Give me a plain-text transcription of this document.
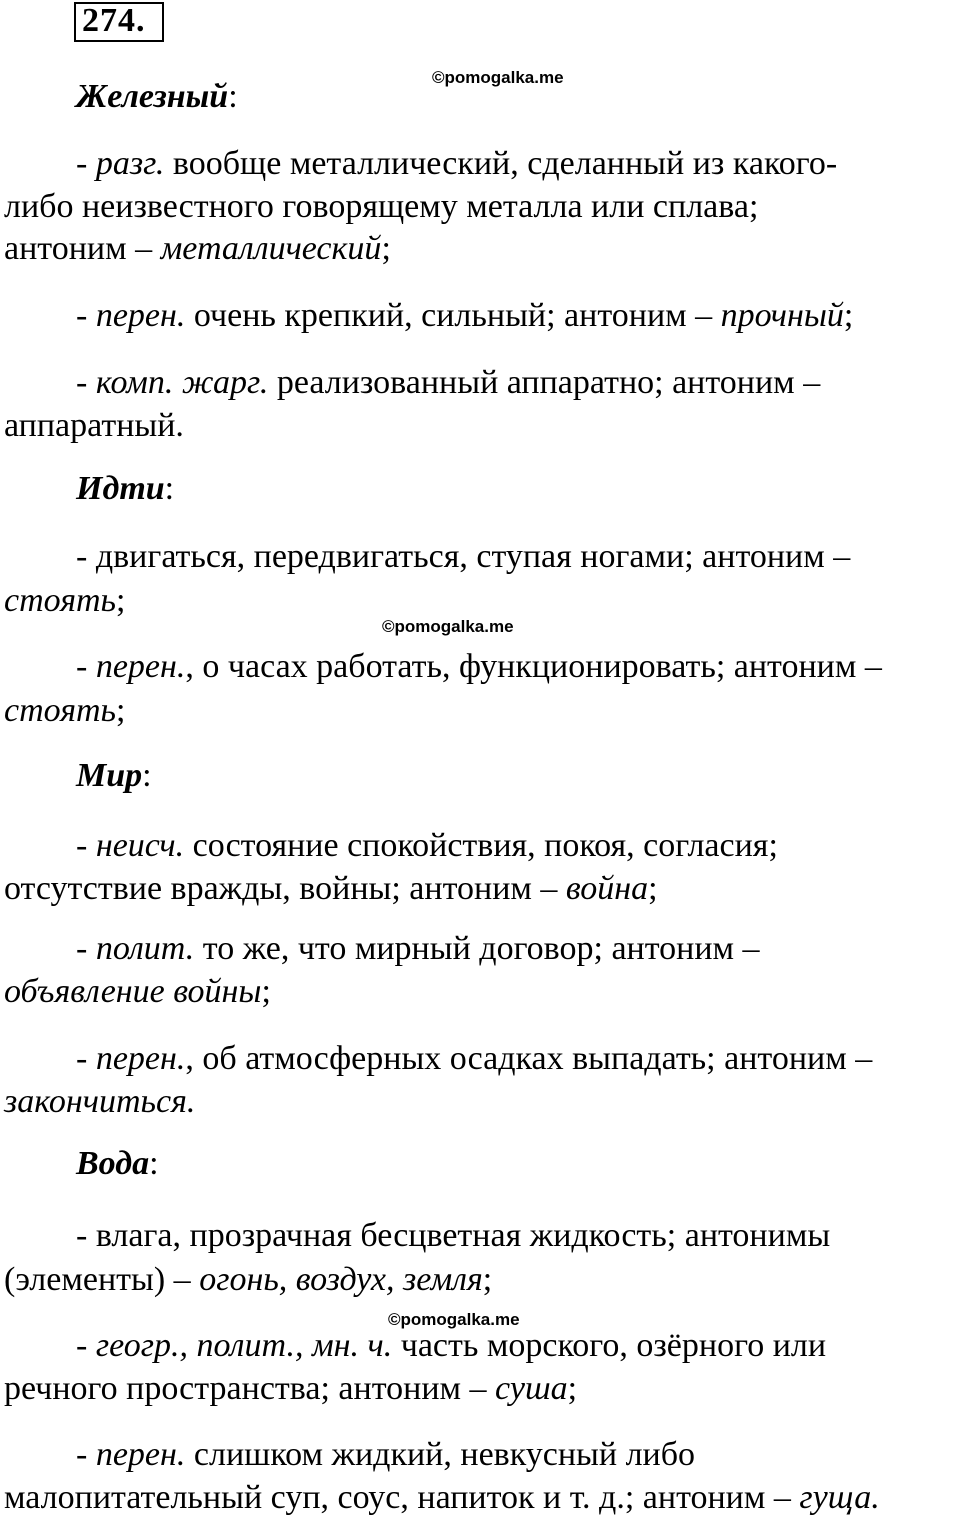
274.
©pomogalka.me
©pomogalka.me
©pomogalka.me

Железный:

- разг. вообще металлический, сделанный из какого-

либо неизвестного говорящему металла или сплава;

антоним – металлический;

- перен. очень крепкий, сильный; антоним – прочный;

- комп. жарг. реализованный аппаратно; антоним –

аппаратный.

Идти:

- двигаться, передвигаться, ступая ногами; антоним –

стоять;

- перен., о часах работать, функционировать; антоним –

стоять;

Мир:

- неисч. состояние спокойствия, покоя, согласия;

отсутствие вражды, войны; антоним – война;

- полит. то же, что мирный договор; антоним –

объявление войны;

- перен., об атмосферных осадках выпадать; антоним –

закончиться.

Вода:

- влага, прозрачная бесцветная жидкость; антонимы

(элементы) – огонь, воздух, земля;

- геогр., полит., мн. ч. часть морского, озёрного или

речного пространства; антоним – суша;

- перен. слишком жидкий, невкусный либо

малопитательный суп, соус, напиток и т. д.; антоним – гуща.
